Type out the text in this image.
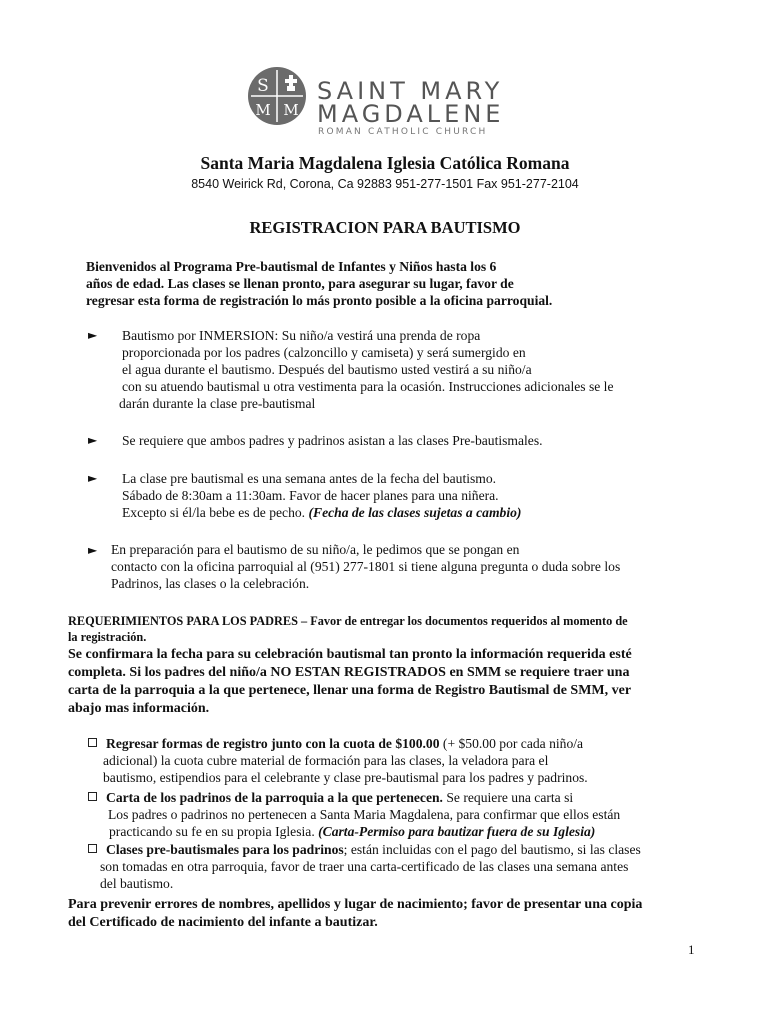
S
M M
SAINT MARY
MAGDALENE
ROMAN CATHOLIC CHURCH
Santa Maria Magdalena Iglesia Católica Romana
8540 Weirick Rd, Corona, Ca 92883 951-277-1501 Fax 951-277-2104
REGISTRACION PARA BAUTISMO
Bienvenidos al Programa Pre-bautismal de Infantes y Niños hasta los 6
años de edad. Las clases se llenan pronto, para asegurar su lugar, favor de
regresar esta forma de registración lo más pronto posible a la oficina parroquial.
► Bautismo por INMERSION: Su niño/a vestirá una prenda de ropa
proporcionada por los padres (calzoncillo y camiseta) y será sumergido en
el agua durante el bautismo. Después del bautismo usted vestirá a su niño/a
con su atuendo bautismal u otra vestimenta para la ocasión. Instrucciones adicionales se le
darán durante la clase pre-bautismal
► Se requiere que ambos padres y padrinos asistan a las clases Pre-bautismales.
► La clase pre bautismal es una semana antes de la fecha del bautismo.
Sábado de 8:30am a 11:30am. Favor de hacer planes para una niñera.
Excepto si él/la bebe es de pecho. (Fecha de las clases sujetas a cambio)
► En preparación para el bautismo de su niño/a, le pedimos que se pongan en
contacto con la oficina parroquial al (951) 277-1801 si tiene alguna pregunta o duda sobre los
Padrinos, las clases o la celebración.
REQUERIMIENTOS PARA LOS PADRES – Favor de entregar los documentos requeridos al momento de
la registración.
Se confirmara la fecha para su celebración bautismal tan pronto la información requerida esté
completa. Si los padres del niño/a NO ESTAN REGISTRADOS en SMM se requiere traer una
carta de la parroquia a la que pertenece, llenar una forma de Registro Bautismal de SMM, ver
abajo mas información.
Regresar formas de registro junto con la cuota de $100.00 (+ $50.00 por cada niño/a
adicional) la cuota cubre material de formación para las clases, la veladora para el
bautismo, estipendios para el celebrante y clase pre-bautismal para los padres y padrinos.
Carta de los padrinos de la parroquia a la que pertenecen. Se requiere una carta si
Los padres o padrinos no pertenecen a Santa Maria Magdalena, para confirmar que ellos están
practicando su fe en su propia Iglesia. (Carta-Permiso para bautizar fuera de su Iglesia)
Clases pre-bautismales para los padrinos; están incluidas con el pago del bautismo, si las clases
son tomadas en otra parroquia, favor de traer una carta-certificado de las clases una semana antes
del bautismo.
Para prevenir errores de nombres, apellidos y lugar de nacimiento; favor de presentar una copia
del Certificado de nacimiento del infante a bautizar.
1
